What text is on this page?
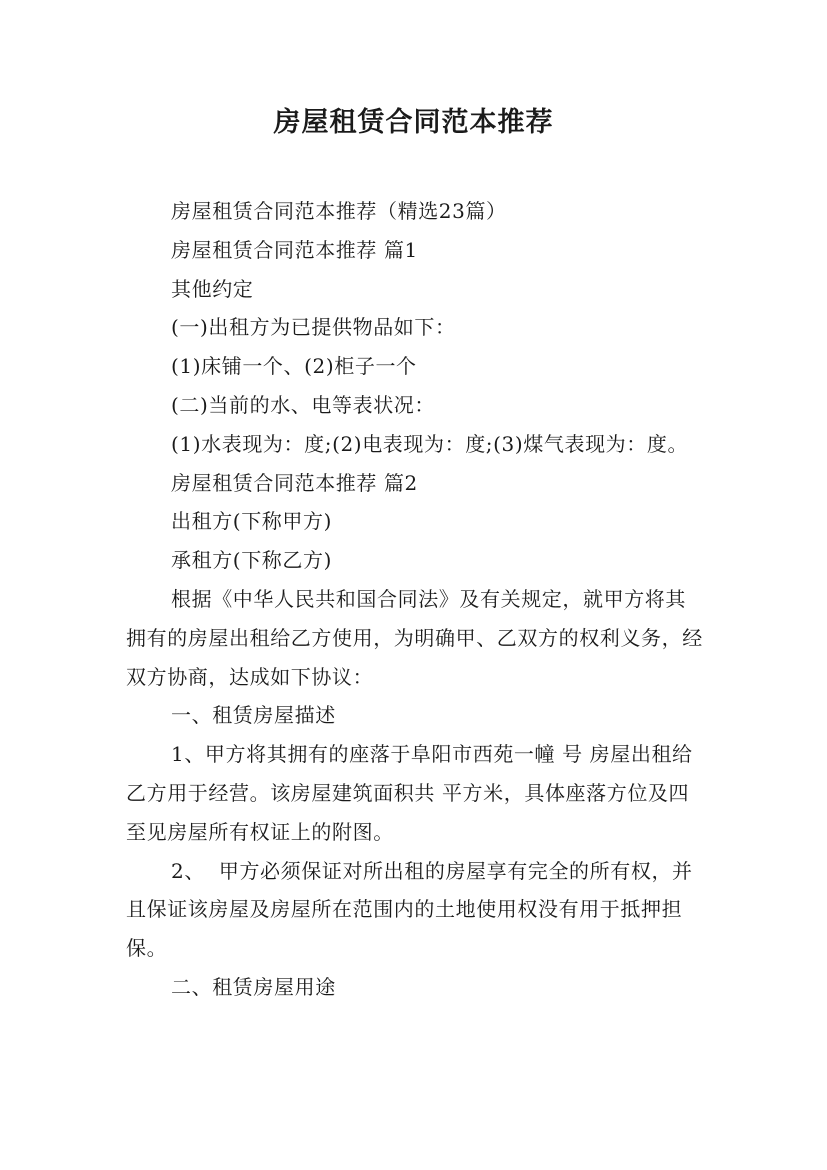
房屋租赁合同范本推荐

房屋租赁合同范本推荐（精选23篇）

房屋租赁合同范本推荐 篇1

其他约定

(一)出租方为已提供物品如下：

(1)床铺一个、(2)柜子一个

(二)当前的水、电等表状况：

(1)水表现为：度;(2)电表现为：度;(3)煤气表现为：度。

房屋租赁合同范本推荐 篇2

出租方(下称甲方)

承租方(下称乙方)

根据《中华人民共和国合同法》及有关规定，就甲方将其拥有的房屋出租给乙方使用，为明确甲、乙双方的权利义务，经双方协商，达成如下协议：

一、租赁房屋描述

1、甲方将其拥有的座落于阜阳市西苑一幢 号 房屋出租给乙方用于经营。该房屋建筑面积共 平方米，具体座落方位及四至见房屋所有权证上的附图。

2、  甲方必须保证对所出租的房屋享有完全的所有权，并且保证该房屋及房屋所在范围内的土地使用权没有用于抵押担保。

二、租赁房屋用途
